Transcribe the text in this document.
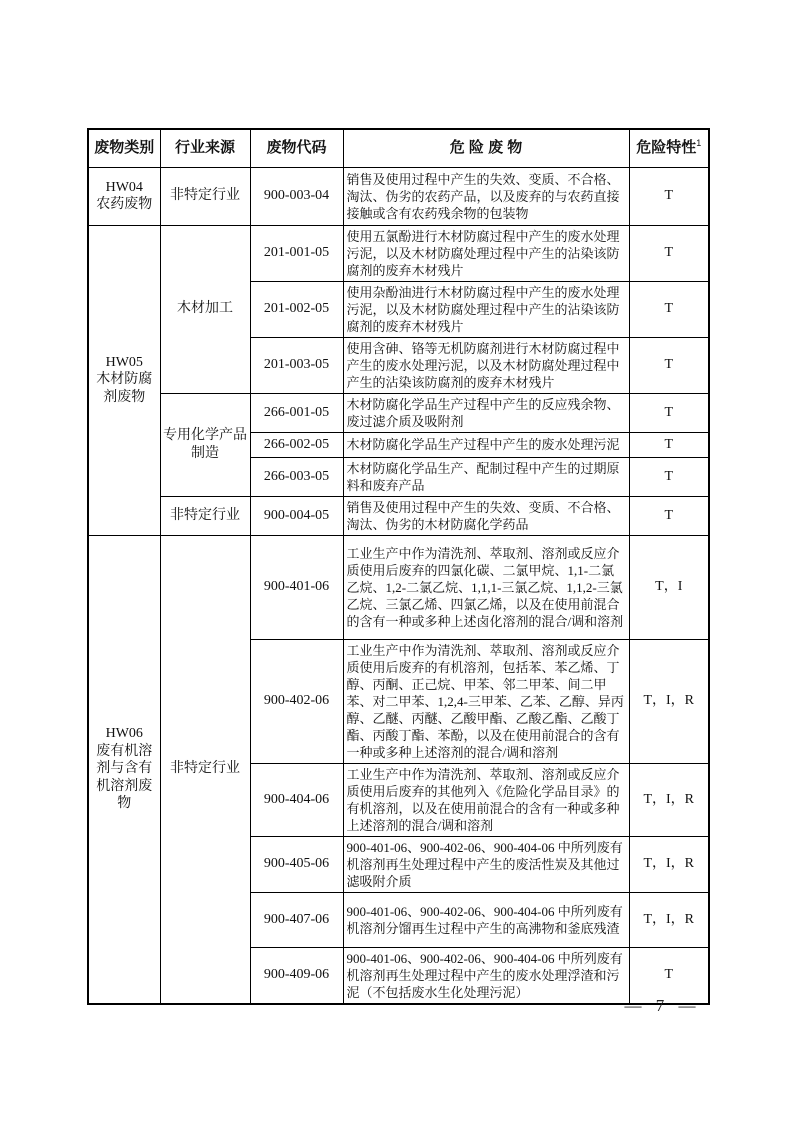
废物类别	行业来源	废物代码	危 险 废 物	危险特性$^1$

HW04
农药废物	非特定行业	900-003-04	销售及使用过程中产生的失效、变质、不合格、淘汰、伪劣的农药产品，以及废弃的与农药直接接触或含有农药残余物的包装物	T

HW05
木材防腐剂废物	木材加工	201-001-05	使用五氯酚进行木材防腐过程中产生的废水处理污泥，以及木材防腐处理过程中产生的沾染该防腐剂的废弃木材残片	T
		201-002-05	使用杂酚油进行木材防腐过程中产生的废水处理污泥，以及木材防腐处理过程中产生的沾染该防腐剂的废弃木材残片	T
		201-003-05	使用含砷、铬等无机防腐剂进行木材防腐过程中产生的废水处理污泥，以及木材防腐处理过程中产生的沾染该防腐剂的废弃木材残片	T
	专用化学产品制造	266-001-05	木材防腐化学品生产过程中产生的反应残余物、废过滤介质及吸附剂	T
		266-002-05	木材防腐化学品生产过程中产生的废水处理污泥	T
		266-003-05	木材防腐化学品生产、配制过程中产生的过期原料和废弃产品	T
	非特定行业	900-004-05	销售及使用过程中产生的失效、变质、不合格、淘汰、伪劣的木材防腐化学药品	T

HW06
废有机溶剂与含有机溶剂废物	非特定行业	900-401-06	工业生产中作为清洗剂、萃取剂、溶剂或反应介质使用后废弃的四氯化碳、二氯甲烷、1,1-二氯乙烷、1,2-二氯乙烷、1,1,1-三氯乙烷、1,1,2-三氯乙烷、三氯乙烯、四氯乙烯，以及在使用前混合的含有一种或多种上述卤化溶剂的混合/调和溶剂	T，I
		900-402-06	工业生产中作为清洗剂、萃取剂、溶剂或反应介质使用后废弃的有机溶剂，包括苯、苯乙烯、丁醇、丙酮、正己烷、甲苯、邻二甲苯、间二甲苯、对二甲苯、1,2,4-三甲苯、乙苯、乙醇、异丙醇、乙醚、丙醚、乙酸甲酯、乙酸乙酯、乙酸丁酯、丙酸丁酯、苯酚，以及在使用前混合的含有一种或多种上述溶剂的混合/调和溶剂	T，I，R
		900-404-06	工业生产中作为清洗剂、萃取剂、溶剂或反应介质使用后废弃的其他列入《危险化学品目录》的有机溶剂，以及在使用前混合的含有一种或多种上述溶剂的混合/调和溶剂	T，I，R
		900-405-06	900-401-06、900-402-06、900-404-06 中所列废有机溶剂再生处理过程中产生的废活性炭及其他过滤吸附介质	T，I，R
		900-407-06	900-401-06、900-402-06、900-404-06 中所列废有机溶剂分馏再生过程中产生的高沸物和釜底残渣	T，I，R
		900-409-06	900-401-06、900-402-06、900-404-06 中所列废有机溶剂再生处理过程中产生的废水处理浮渣和污泥（不包括废水生化处理污泥）	T
— 7 —
